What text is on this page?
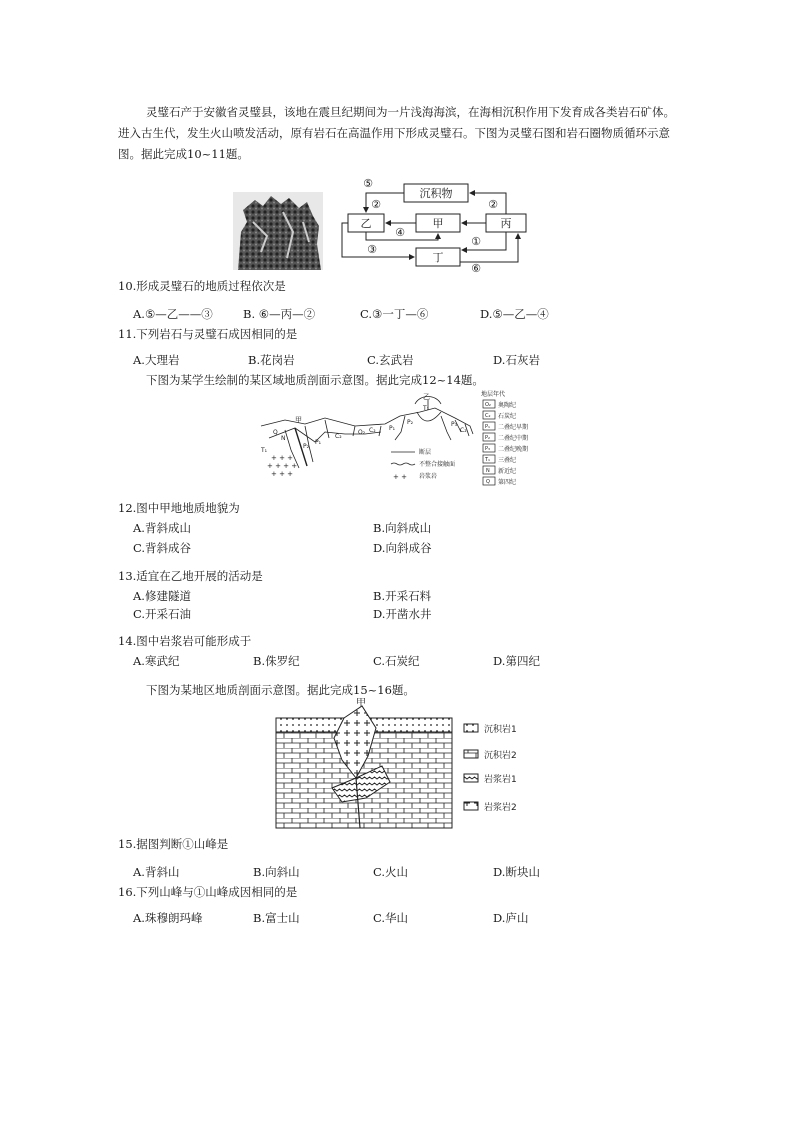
灵璧石产于安徽省灵璧县，该地在震旦纪期间为一片浅海海滨，在海相沉积作用下发育成各类岩石矿体。进入古生代，发生火山喷发活动，原有岩石在高温作用下形成灵璧石。下图为灵璧石图和岩石圈物质循环示意图。据此完成10~11题。
沉积物
乙	甲	丙
丁
⑤
②	②
④
①
③
⑥
10.形成灵璧石的地质过程依次是
A.⑤—乙——③	B. ⑥—丙—②	C.③一丁—⑥	D.⑤—乙—④
11.下列岩石与灵璧石成因相同的是
A.大理岩	B.花岗岩	C.玄武岩	D.石灰岩
下图为某学生绘制的某区域地质剖面示意图。据此完成12~14题。
+ + +
+ + + +
+ + +
甲
乙
Q
N
T₁
P₂
P₁
C₂
O₂ C₂ P₁
P₂
T₁
P₃
C₂
断层
不整合接触面
+ + 岩浆岩
地层年代
O₂
C₂
P₁
P₂
P₃
T₁
N
Q
奥陶纪
石炭纪
二叠纪早期
二叠纪中期
二叠纪晚期
三叠纪
新近纪
第四纪
12.图中甲地地质地貌为
A.背斜成山	B.向斜成山
C.背斜成谷	D.向斜成谷
13.适宜在乙地开展的活动是
A.修建隧道	B.开采石料
C.开采石油	D.开凿水井
14.图中岩浆岩可能形成于
A.寒武纪	B.侏罗纪	C.石炭纪	D.第四纪
下图为某地区地质剖面示意图。据此完成15~16题。
甲
沉积岩1
沉积岩2
岩浆岩1
岩浆岩2
15.据图判断①山峰是
A.背斜山	B.向斜山	C.火山	D.断块山
16.下列山峰与①山峰成因相同的是
A.珠穆朗玛峰	B.富士山	C.华山	D.庐山
